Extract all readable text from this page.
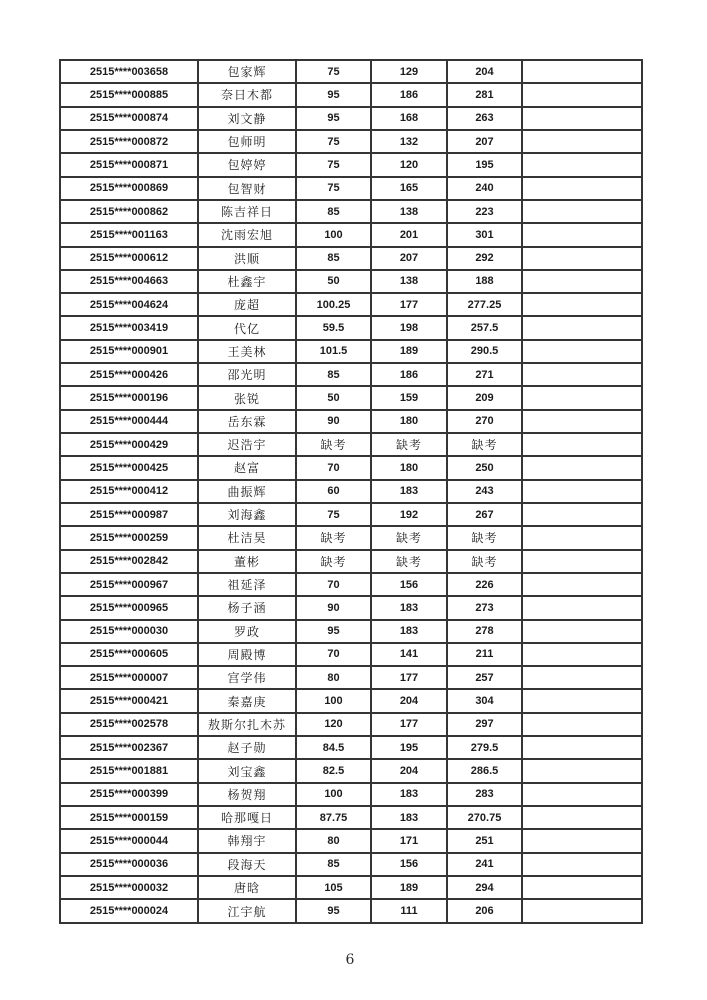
2515****003658	包家辉	75	129	204	
2515****000885	奈日木都	95	186	281	
2515****000874	刘文静	95	168	263	
2515****000872	包师明	75	132	207	
2515****000871	包婷婷	75	120	195	
2515****000869	包智财	75	165	240	
2515****000862	陈吉祥日	85	138	223	
2515****001163	沈雨宏旭	100	201	301	
2515****000612	洪顺	85	207	292	
2515****004663	杜鑫宇	50	138	188	
2515****004624	庞超	100.25	177	277.25	
2515****003419	代亿	59.5	198	257.5	
2515****000901	王美林	101.5	189	290.5	
2515****000426	邵光明	85	186	271	
2515****000196	张锐	50	159	209	
2515****000444	岳东霖	90	180	270	
2515****000429	迟浩宇	缺考	缺考	缺考	
2515****000425	赵富	70	180	250	
2515****000412	曲振辉	60	183	243	
2515****000987	刘海鑫	75	192	267	
2515****000259	杜洁昊	缺考	缺考	缺考	
2515****002842	董彬	缺考	缺考	缺考	
2515****000967	祖延泽	70	156	226	
2515****000965	杨子涵	90	183	273	
2515****000030	罗政	95	183	278	
2515****000605	周殿博	70	141	211	
2515****000007	宫学伟	80	177	257	
2515****000421	秦嘉庚	100	204	304	
2515****002578	敖斯尔扎木苏	120	177	297	
2515****002367	赵子勋	84.5	195	279.5	
2515****001881	刘宝鑫	82.5	204	286.5	
2515****000399	杨贺翔	100	183	283	
2515****000159	哈那嘎日	87.75	183	270.75	
2515****000044	韩翔宇	80	171	251	
2515****000036	段海天	85	156	241	
2515****000032	唐晗	105	189	294	
2515****000024	江宇航	95	111	206	
6
